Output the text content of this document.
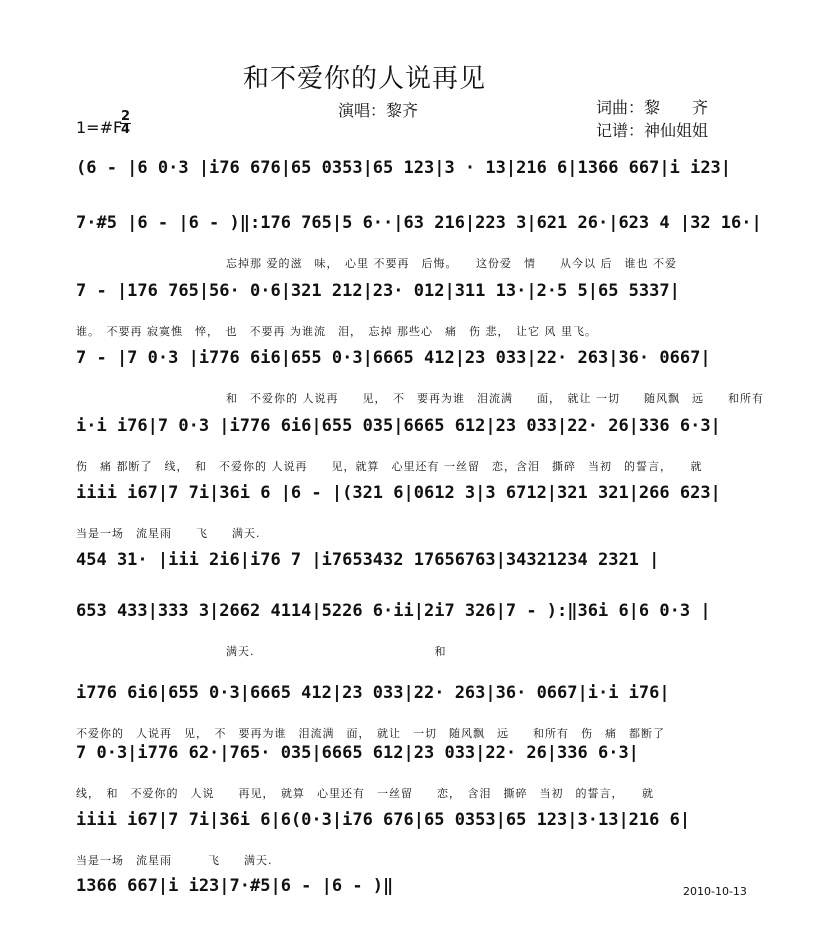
和不爱你的人说再见
演唱：黎齐	词曲：黎　　齐
记谱：神仙姐姐
1=#F
2
4
(6 - |6 0·3 |i76 676|65 0353|65 123|3 · 13|216 6|1366 667|i i23|
7·#5 |6 - |6 - )‖:176 765|5 6··|63 216|223 3|621 26·|623 4 |32 16·|
忘掉那 爱的滋　味，　心里 不要再　后悔。　　这份爱　情　　从今以 后　谁也 不爱
7 - |176 765|56· 0·6|321 212|23· 012|311 13·|2·5 5|65 5337|
谁。　不要再 寂寞憔　悴，　也　不要再 为谁流　泪，　忘掉 那些心　痛　伤 悲，　让它 风 里飞。
7 - |7 0·3 |i776 6i6|655 0·3|6665 412|23 033|22· 263|36· 0667|
和　不爱你的 人说再　　见，　不　要再为谁　泪流满　　面，　就让 一切　　随风飘　远　　和所有
i·i i76|7 0·3 |i776 6i6|655 035|6665 612|23 033|22· 26|336 6·3|
伤　痛 都断了　线，　和　不爱你的 人说再　　见，就算　心里还有 一丝留　恋，含泪　撕碎　当初　的誓言，　　就
iiii i67|7 7i|36i 6 |6 - |(321 6|0612 3|3 6712|321 321|266 623|
当是一场　流星雨　　飞　　满天.
454 31· |iii 2i6|i76 7 |i7653432 17656763|34321234 2321 |
653 433|333 3|2662 4114|5226 6·ii|2i7 326|7 - ):‖36i 6|6 0·3 |
满天.　　　　　　　　　　　　　　　和
i776 6i6|655 0·3|6665 412|23 033|22· 263|36· 0667|i·i i76|
不爱你的　人说再　见，　不　要再为谁　泪流满　面，　就让　一切　随风飘　远　　和所有　伤　痛　都断了
7 0·3|i776 62·|765· 035|6665 612|23 033|22· 26|336 6·3|
线，　和　不爱你的　人说　　再见，　就算　心里还有　一丝留　　恋，　含泪　撕碎　当初　的誓言，　　就
iiii i67|7 7i|36i 6|6(0·3|i76 676|65 0353|65 123|3·13|216 6|
当是一场　流星雨　　　飞　　满天.
1366 667|i i23|7·#5|6 - |6 - )‖	2010-10-13
